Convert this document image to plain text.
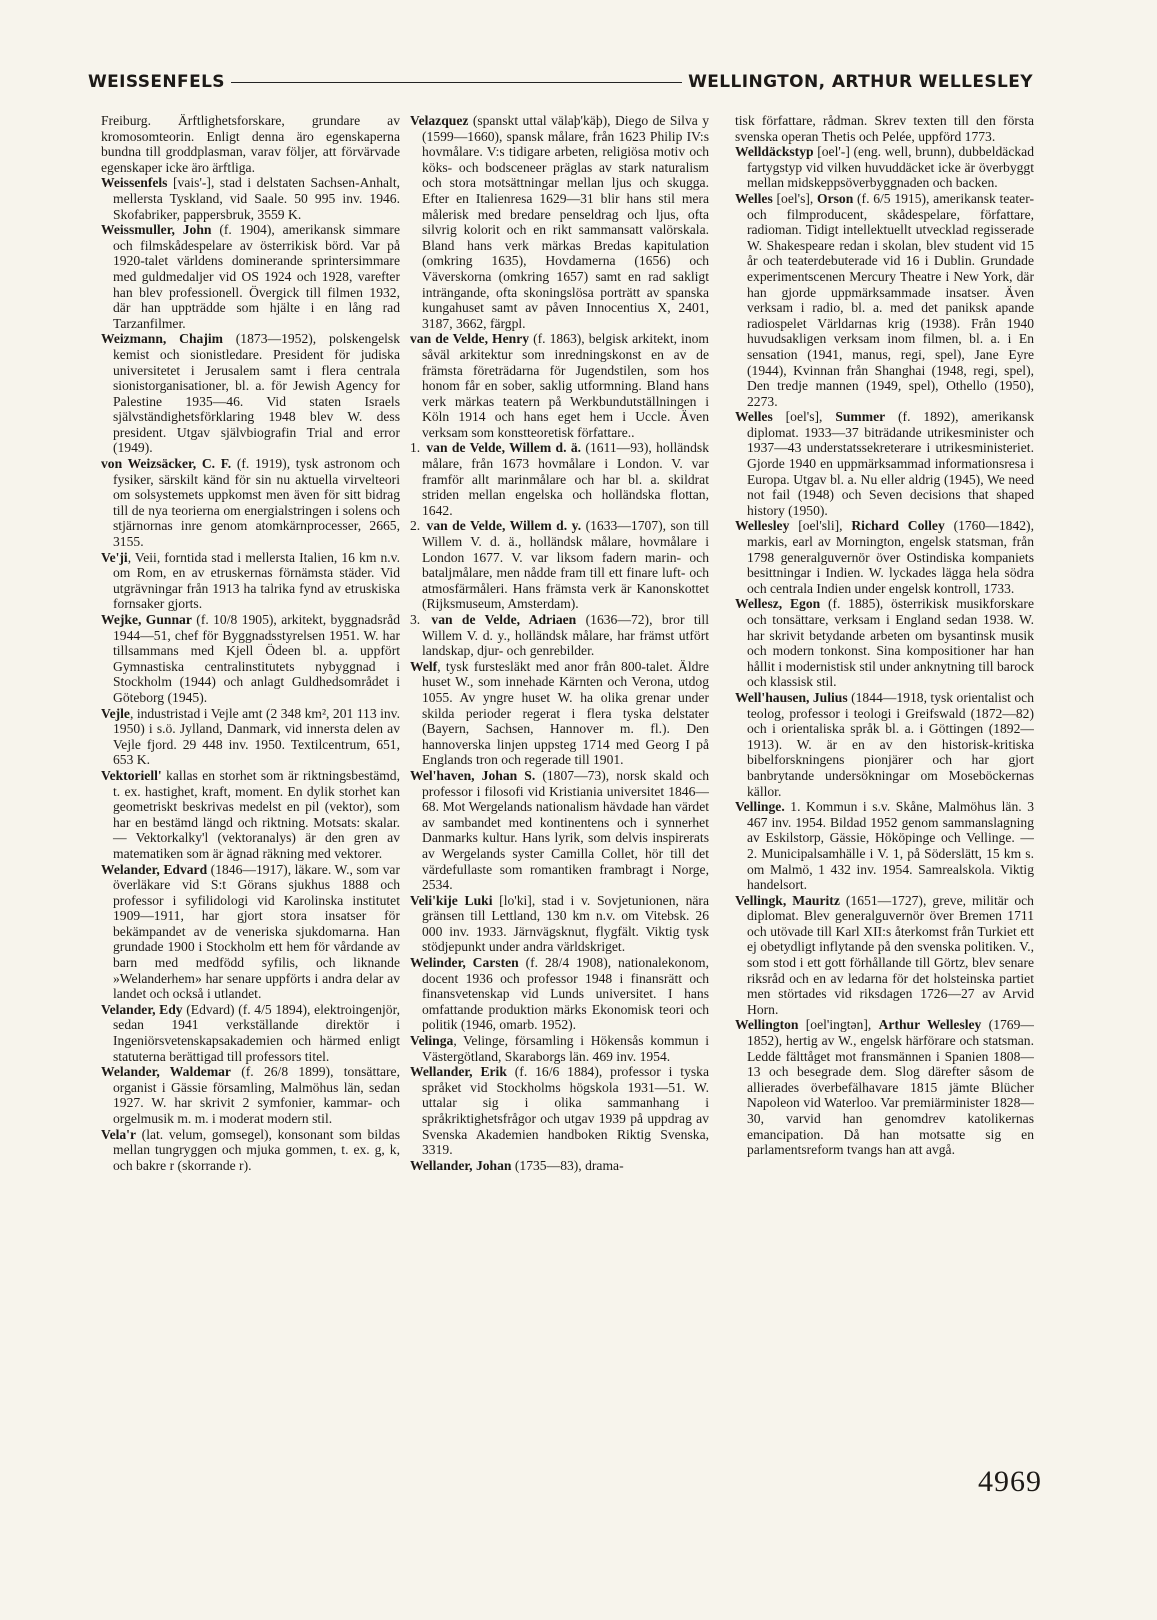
WEISSENFELS	WELLINGTON, ARTHUR WELLESLEY

Freiburg. Ärftlighetsforskare, grundare av kromosomteorin. Enligt denna äro egenskaperna bundna till groddplasman, varav följer, att förvärvade egenskaper icke äro ärftliga.

Weissenfels [vais'-], stad i delstaten Sachsen-Anhalt, mellersta Tyskland, vid Saale. 50 995 inv. 1946. Skofabriker, pappersbruk, 3559 K.

Weissmuller, John (f. 1904), amerikansk simmare och filmskådespelare av österrikisk börd. Var på 1920-talet världens dominerande sprintersimmare med guldmedaljer vid OS 1924 och 1928, varefter han blev professionell. Övergick till filmen 1932, där han uppträdde som hjälte i en lång rad Tarzanfilmer.

Weizmann, Chajim (1873—1952), polskengelsk kemist och sionistledare. President för judiska universitetet i Jerusalem samt i flera centrala sionistorganisationer, bl. a. för Jewish Agency for Palestine 1935—46. Vid staten Israels självständighetsförklaring 1948 blev W. dess president. Utgav självbiografin Trial and error (1949).

von Weizsäcker, C. F. (f. 1919), tysk astronom och fysiker, särskilt känd för sin nu aktuella virvelteori om solsystemets uppkomst men även för sitt bidrag till de nya teorierna om energialstringen i solens och stjärnornas inre genom atomkärnprocesser, 2665, 3155.

Ve'ji, Veii, forntida stad i mellersta Italien, 16 km n.v. om Rom, en av etruskernas förnämsta städer. Vid utgrävningar från 1913 ha talrika fynd av etruskiska fornsaker gjorts.

Wejke, Gunnar (f. 10/8 1905), arkitekt, byggnadsråd 1944—51, chef för Byggnadsstyrelsen 1951. W. har tillsammans med Kjell Ödeen bl. a. uppfört Gymnastiska centralinstitutets nybyggnad i Stockholm (1944) och anlagt Guldhedsområdet i Göteborg (1945).

Vejle, industristad i Vejle amt (2 348 km², 201 113 inv. 1950) i s.ö. Jylland, Danmark, vid innersta delen av Vejle fjord. 29 448 inv. 1950. Textilcentrum, 651, 653 K.

Vektoriell' kallas en storhet som är riktningsbestämd, t. ex. hastighet, kraft, moment. En dylik storhet kan geometriskt beskrivas medelst en pil (vektor), som har en bestämd längd och riktning. Motsats: skalar. — Vektorkalky'l (vektoranalys) är den gren av matematiken som är ägnad räkning med vektorer.

Welander, Edvard (1846—1917), läkare. W., som var överläkare vid S:t Görans sjukhus 1888 och professor i syfilidologi vid Karolinska institutet 1909—1911, har gjort stora insatser för bekämpandet av de veneriska sjukdomarna. Han grundade 1900 i Stockholm ett hem för vårdande av barn med medfödd syfilis, och liknande »Welanderhem» har senare uppförts i andra delar av landet och också i utlandet.

Velander, Edy (Edvard) (f. 4/5 1894), elektroingenjör, sedan 1941 verkställande direktör i Ingeniörsvetenskapsakademien och härmed enligt statuterna berättigad till professors titel.

Welander, Waldemar (f. 26/8 1899), tonsättare, organist i Gässie församling, Malmöhus län, sedan 1927. W. har skrivit 2 symfonier, kammar- och orgelmusik m. m. i moderat modern stil.

Vela'r (lat. velum, gomsegel), konsonant som bildas mellan tungryggen och mjuka gommen, t. ex. g, k, och bakre r (skorrande r).

Velazquez (spanskt uttal välaþ'käþ), Diego de Silva y (1599—1660), spansk målare, från 1623 Philip IV:s hovmålare. V:s tidigare arbeten, religiösa motiv och köks- och bodsceneer präglas av stark naturalism och stora motsättningar mellan ljus och skugga. Efter en Italienresa 1629—31 blir hans stil mera målerisk med bredare penseldrag och ljus, ofta silvrig kolorit och en rikt sammansatt valörskala. Bland hans verk märkas Bredas kapitulation (omkring 1635), Hovdamerna (1656) och Väverskorna (omkring 1657) samt en rad sakligt inträngande, ofta skoningslösa porträtt av spanska kungahuset samt av påven Innocentius X, 2401, 3187, 3662, färgpl.

van de Velde, Henry (f. 1863), belgisk arkitekt, inom såväl arkitektur som inredningskonst en av de främsta företrädarna för Jugendstilen, som hos honom får en sober, saklig utformning. Bland hans verk märkas teatern på Werkbundutställningen i Köln 1914 och hans eget hem i Uccle. Även verksam som konstteoretisk författare..

1. van de Velde, Willem d. ä. (1611—93), holländsk målare, från 1673 hovmålare i London. V. var framför allt marinmålare och har bl. a. skildrat striden mellan engelska och holländska flottan, 1642.

2. van de Velde, Willem d. y. (1633—1707), son till Willem V. d. ä., holländsk målare, hovmålare i London 1677. V. var liksom fadern marin- och bataljmålare, men nådde fram till ett finare luft- och atmosfärmåleri. Hans främsta verk är Kanonskottet (Rijksmuseum, Amsterdam).

3. van de Velde, Adriaen (1636—72), bror till Willem V. d. y., holländsk målare, har främst utfört landskap, djur- och genrebilder.

Welf, tysk furstesläkt med anor från 800-talet. Äldre huset W., som innehade Kärnten och Verona, utdog 1055. Av yngre huset W. ha olika grenar under skilda perioder regerat i flera tyska delstater (Bayern, Sachsen, Hannover m. fl.). Den hannoverska linjen uppsteg 1714 med Georg I på Englands tron och regerade till 1901.

Wel'haven, Johan S. (1807—73), norsk skald och professor i filosofi vid Kristiania universitet 1846—68. Mot Wergelands nationalism hävdade han värdet av sambandet med kontinentens och i synnerhet Danmarks kultur. Hans lyrik, som delvis inspirerats av Wergelands syster Camilla Collet, hör till det värdefullaste som romantiken frambragt i Norge, 2534.

Veli'kije Luki [lo'ki], stad i v. Sovjetunionen, nära gränsen till Lettland, 130 km n.v. om Vitebsk. 26 000 inv. 1933. Järnvägsknut, flygfält. Viktig tysk stödjepunkt under andra världskriget.

Welinder, Carsten (f. 28/4 1908), nationalekonom, docent 1936 och professor 1948 i finansrätt och finansvetenskap vid Lunds universitet. I hans omfattande produktion märks Ekonomisk teori och politik (1946, omarb. 1952).

Velinga, Velinge, församling i Hökensås kommun i Västergötland, Skaraborgs län. 469 inv. 1954.

Wellander, Erik (f. 16/6 1884), professor i tyska språket vid Stockholms högskola 1931—51. W. uttalar sig i olika sammanhang i språkriktighetsfrågor och utgav 1939 på uppdrag av Svenska Akademien handboken Riktig Svenska, 3319.

Wellander, Johan (1735—83), drama-

tisk författare, rådman. Skrev texten till den första svenska operan Thetis och Pelée, uppförd 1773.

Welldäckstyp [oel'-] (eng. well, brunn), dubbeldäckad fartygstyp vid vilken huvuddäcket icke är överbyggt mellan midskeppsöverbyggnaden och backen.

Welles [oel's], Orson (f. 6/5 1915), amerikansk teater- och filmproducent, skådespelare, författare, radioman. Tidigt intellektuellt utvecklad regisserade W. Shakespeare redan i skolan, blev student vid 15 år och teaterdebuterade vid 16 i Dublin. Grundade experimentscenen Mercury Theatre i New York, där han gjorde uppmärksammade insatser. Även verksam i radio, bl. a. med det paniksk apande radiospelet Världarnas krig (1938). Från 1940 huvudsakligen verksam inom filmen, bl. a. i En sensation (1941, manus, regi, spel), Jane Eyre (1944), Kvinnan från Shanghai (1948, regi, spel), Den tredje mannen (1949, spel), Othello (1950), 2273.

Welles [oel's], Summer (f. 1892), amerikansk diplomat. 1933—37 biträdande utrikesminister och 1937—43 understatssekreterare i utrikesministeriet. Gjorde 1940 en uppmärksammad informationsresa i Europa. Utgav bl. a. Nu eller aldrig (1945), We need not fail (1948) och Seven decisions that shaped history (1950).

Wellesley [oel'sli], Richard Colley (1760—1842), markis, earl av Mornington, engelsk statsman, från 1798 generalguvernör över Ostindiska kompaniets besittningar i Indien. W. lyckades lägga hela södra och centrala Indien under engelsk kontroll, 1733.

Wellesz, Egon (f. 1885), österrikisk musikforskare och tonsättare, verksam i England sedan 1938. W. har skrivit betydande arbeten om bysantinsk musik och modern tonkonst. Sina kompositioner har han hållit i modernistisk stil under anknytning till barock och klassisk stil.

Well'hausen, Julius (1844—1918, tysk orientalist och teolog, professor i teologi i Greifswald (1872—82) och i orientaliska språk bl. a. i Göttingen (1892—1913). W. är en av den historisk-kritiska bibelforskningens pionjärer och har gjort banbrytande undersökningar om Moseböckernas källor.

Vellinge. 1. Kommun i s.v. Skåne, Malmöhus län. 3 467 inv. 1954. Bildad 1952 genom sammanslagning av Eskilstorp, Gässie, Hököpinge och Vellinge. — 2. Municipalsamhälle i V. 1, på Söderslätt, 15 km s. om Malmö, 1 432 inv. 1954. Samrealskola. Viktig handelsort.

Vellingk, Mauritz (1651—1727), greve, militär och diplomat. Blev generalguvernör över Bremen 1711 och utövade till Karl XII:s återkomst från Turkiet ett ej obetydligt inflytande på den svenska politiken. V., som stod i ett gott förhållande till Görtz, blev senare riksråd och en av ledarna för det holsteinska partiet men störtades vid riksdagen 1726—27 av Arvid Horn.

Wellington [oel'ingtən], Arthur Wellesley (1769—1852), hertig av W., engelsk härförare och statsman. Ledde fälttåget mot fransmännen i Spanien 1808—13 och besegrade dem. Slog därefter såsom de allierades överbefälhavare 1815 jämte Blücher Napoleon vid Waterloo. Var premiärminister 1828—30, varvid han genomdrev katolikernas emancipation. Då han motsatte sig en parlamentsreform tvangs han att avgå.

4969
